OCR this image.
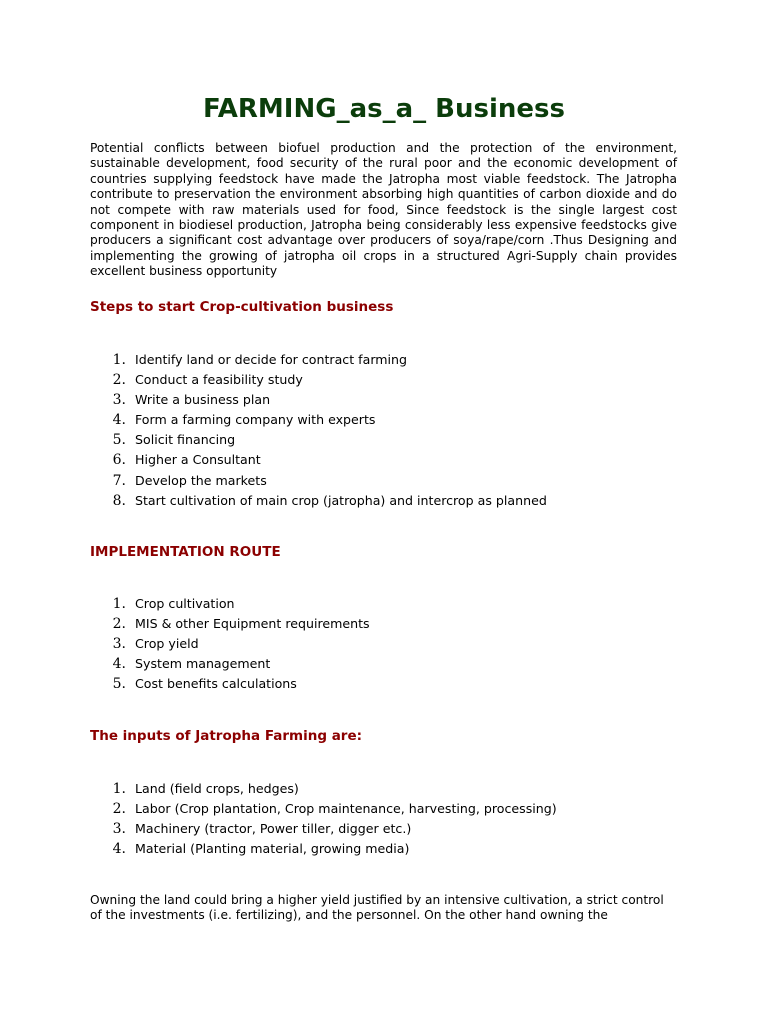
FARMING_as_a_ Business

Potential conflicts between biofuel production and the protection of the environment, sustainable development, food security of the rural poor and the economic development of countries supplying feedstock have made the Jatropha most viable feedstock. The Jatropha contribute to preservation the environment absorbing high quantities of carbon dioxide and do not compete with raw materials used for food, Since feedstock is the single largest cost component in biodiesel production, Jatropha being considerably less expensive feedstocks give producers a significant cost advantage over producers of soya/rape/corn .Thus Designing and implementing the growing of jatropha oil crops in a structured Agri-Supply chain provides excellent business opportunity

Steps to start Crop-cultivation business
1. Identify land or decide for contract farming
2. Conduct a feasibility study
3. Write a business plan
4. Form a farming company with experts
5. Solicit financing
6. Higher a Consultant
7. Develop the markets
8. Start cultivation of main crop (jatropha) and intercrop as planned
IMPLEMENTATION ROUTE
1. Crop cultivation
2. MIS & other Equipment requirements
3. Crop yield
4. System management
5. Cost benefits calculations
The inputs of Jatropha Farming are:
1. Land (field crops, hedges)
2. Labor (Crop plantation, Crop maintenance, harvesting, processing)
3. Machinery (tractor, Power tiller, digger etc.)
4. Material (Planting material, growing media)

Owning the land could bring a higher yield justified by an intensive cultivation, a strict control of the investments (i.e. fertilizing), and the personnel. On the other hand owning the
